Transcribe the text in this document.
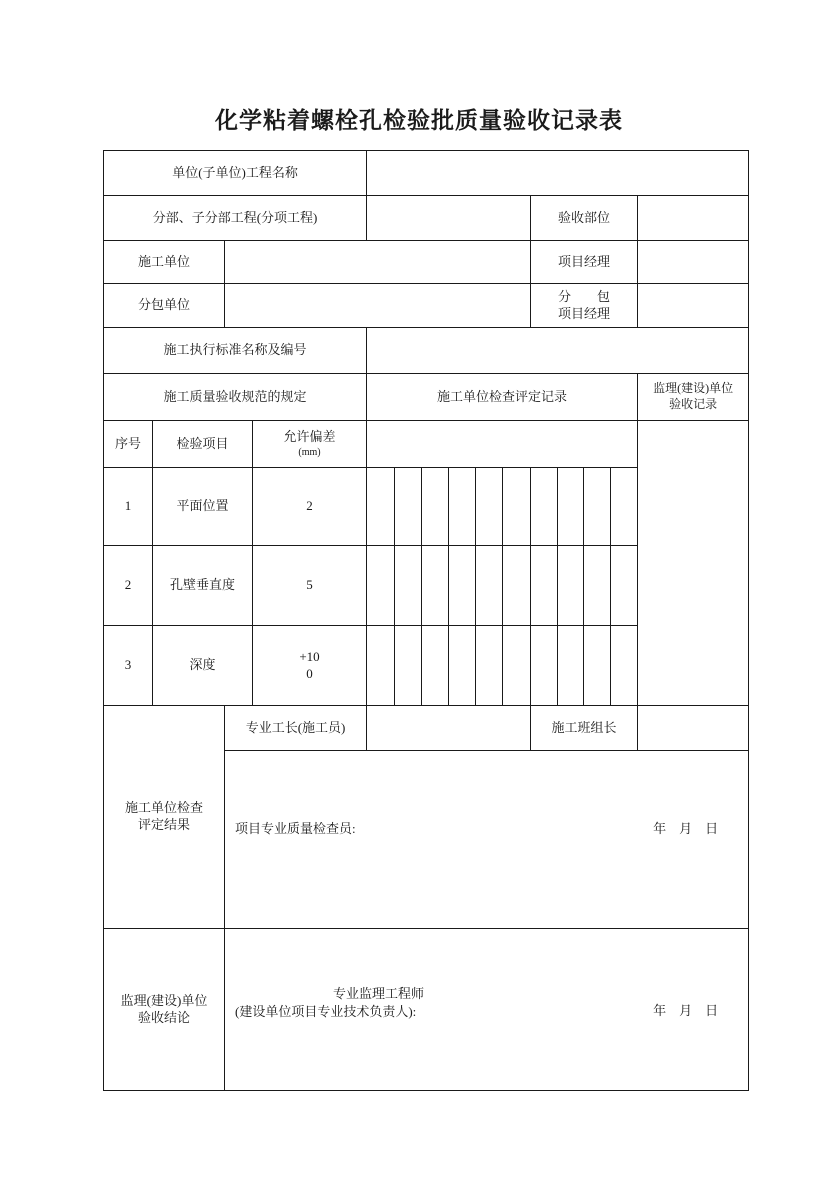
化学粘着螺栓孔检验批质量验收记录表
单位(子单位)工程名称														
分部、子分部工程(分项工程)										验收部位				
施工单位										项目经理				
分包单位										分　　包
项目经理				
施工执行标准名称及编号														
施工质量验收规范的规定				施工单位检查评定记录										监理(建设)单位
验收记录
序号	检验项目		允许偏差
(mm)											

1	平面位置		2											
2	孔壁垂直度		5											
3	深度		+10
0											
施工单位检查
评定结果		专业工长(施工员)								施工班组长				

		项目专业质量检查员: 年　月　日												

监理(建设)单位
验收结论	
专业监理工程师
(建设单位项目专业技术负责人):	年　月　日
